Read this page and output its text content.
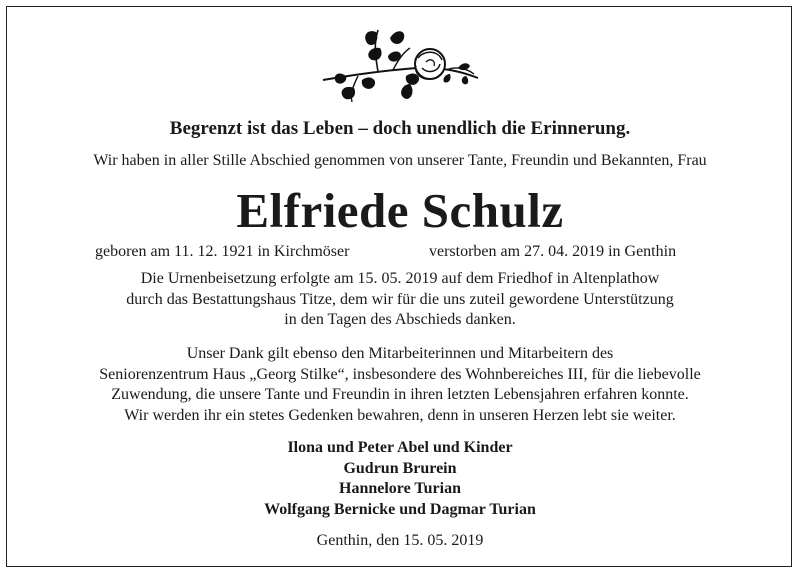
Begrenzt ist das Leben – doch unendlich die Erinnerung.
Wir haben in aller Stille Abschied genommen von unserer Tante, Freundin und Bekannten, Frau
Elfriede Schulz
geboren am 11. 12. 1921 in Kirchmöser	verstorben am 27. 04. 2019 in Genthin
Die Urnenbeisetzung erfolgte am 15. 05. 2019 auf dem Friedhof in Altenplathow
durch das Bestattungshaus Titze, dem wir für die uns zuteil gewordene Unterstützung
in den Tagen des Abschieds danken.
Unser Dank gilt ebenso den Mitarbeiterinnen und Mitarbeitern des
Seniorenzentrum Haus „Georg Stilke“, insbesondere des Wohnbereiches III, für die liebevolle
Zuwendung, die unsere Tante und Freundin in ihren letzten Lebensjahren erfahren konnte.
Wir werden ihr ein stetes Gedenken bewahren, denn in unseren Herzen lebt sie weiter.
Ilona und Peter Abel und Kinder
Gudrun Brurein
Hannelore Turian
Wolfgang Bernicke und Dagmar Turian
Genthin, den 15. 05. 2019
